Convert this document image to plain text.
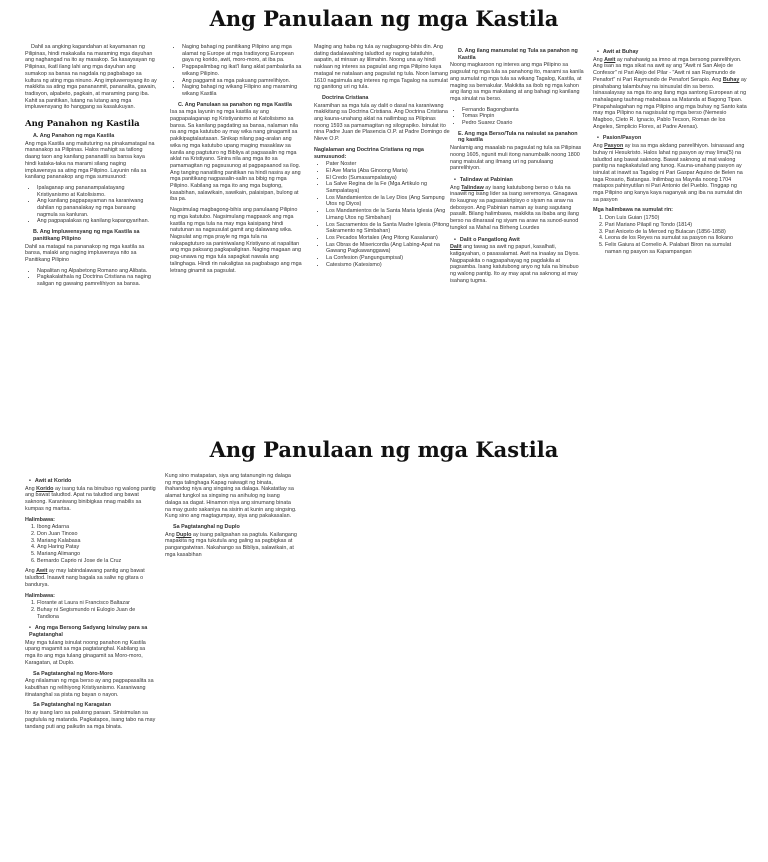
Ang Panulaan ng mga Kastila

Dahil sa angking kagandahan at kayamanan ng Pilipinas, hindi makakaila na maraming mga dayuhan ang naghangad na ito ay masakop. Sa kasaysayan ng Pilipinas, ikatl ilang lahi ang mga dayuhan ang sumakop sa bansa na nagdala ng pagbabago sa kultura ng ating mga ninuno. Ang impluwensyang ito ay makikita sa ating mga panananmit, pananalita, gawain, tradisyon, alpabeto, pagkain, at maraming pang iba. Kahit sa panitikan, lutang na lutang ang mga impluwensyang ito hanggang sa kasalukuyan.

Ang Panahon ng Kastila
A. Ang Panahon ng mga Kastila

Ang mga Kastila ang maituturing na pinakamatagal na mananakop sa Pilipinas. Halos mahigit sa tatlong daang taon ang kanilang pananatili sa bansa kaya hindi kataka-taka na marami silang naging impluwensya sa ating mga Pilipino. Layunin nila sa kanilang pananakop ang mga sumusunod:

• Ipalaganap ang pananampalatayang Kristiyanismo at Katolisismo.
• Ang kanilang pagpapayaman na karaniwang dahilan ng pananalakay ng mga bansang nagmula sa kanluran.
• Ang pagpapalakas ng kanilang kapangyarihan.
B. Ang Impluwensyang ng mga Kastila sa panitikang Pilipino

Dahil sa matagal na pananakop ng mga kastila sa bansa, malaki ang naging impluwensya nito sa Panitikang Pilipino

• Napalitan ng Alpabetong Romano ang Alibata.
• Pagkakalathala ng Doctrina Cristiana na naging saligan ng gawaing pamrelihiyon sa bansa.
• Naging bahagi ng panitikang Pilipino ang mga alamat ng Europe at mga tradisyong European gaya ng korido, awit, moro-moro, at iba pa.
• Pagpapalimbag ng ikat'l ilang aklat pambalarila sa wikang Pilipino.
• Ang paggamit sa mga pakuang pamrelihiyon.
• Naging bahagi ng wikang Filipino ang maraming wikang Kastila
C. Ang Panulaan sa panahon ng mga Kastila

Isa sa mga layunin ng mga kastila ay ang pagpapalaganap ng Kristiyanismo at Katolisismo sa bansa. Sa kanilang pagdating sa bansa, nalaman nila na ang mga katutubo ay may wika nang ginagamit sa pakikipagtalastasan. Sinikap nilang pag-aralan ang wika ng mga katutubo upang maging masaklaw sa kanila ang pagtuturo ng Bibliya at pagsasalin ng mga aklat na Kristiyano. Sinira nila ang mga ito sa pamamagitan ng pagsusunog at pagpapaanod sa ilog. Ang tanging nanatiling panitikan na hindi nasira ay ang mga panitikang nagpasalin-salin sa bibig ng mga Pilipino. Kabilang sa mga ito ang mga bugtong, kasabihan, salawikain, sawikain, palaisipan, bulong at iba pa.

Nagsimulag magbagong-bihis ang panulaang Pilipino ng mga katutubo. Nagsimulang magpasok ang mga kastila ng mga tula na may mga kaisipang hindi natutunan sa nagsusulat gamit ang dalawang wika. Nagsulat ang mga prayle ng mga tula na nakapagtuturo sa paniniwalang Kristiyano at napalitan ang mga paksang pagkapaligiran. Naging magaan ang pag-unawa ng mga tula sapagkat nawala ang talinghaga. Hindi rin nakaligtas sa pagbabago ang mga letrang ginamit sa pagsulat.

Maging ang haba ng tula ay nagbagong-bihis din. Ang dating dadalawahing taludtod ay naging tatatluhin, aapatin, at minsan ay lilimahin. Noong una ay hindi naklaan ng interes sa pagsulat ang mga Pilipino kaya matagal ne natalaan ang pagsulat ng tula. Noon lamang 1610 nagsimula ang interes ng mga Tagalog na sumulat ng ganitong uri ng tula.

Doctrina Cristiana

Karamihan sa mga tula ay dalit o dasal na karaniwang makikitang sa Doctrina Cristiana. Ang Doctrina Cristiana ang kauna-unahang aklat na nailimbag sa Pilipinas noong 1593 sa pamamagitan ng silograpiko. Isinulat ito nina Padre Juan de Plasencia O.P. at Padre Domingo de Nieve O.P.

Naglalaman ang Doctrina Cristiana ng mga sumusunod:
• Pater Noster
• El Ave Maria (Aba Ginoong Maria)
• El Credo (Sumasampalataya)
• La Salve Regina de la Fe (Mga Artikulo ng Sampalataya)
• Los Mandamientos de la Ley Dios (Ang Sampung Utos ng Diyos)
• Los Mandamientos de la Santa Maria Iglesia (Ang Limang Utos ng Simbahan)
• Los Sacramentos de la Santa Madre Iglesia (Pitong Sakramento ng Simbahan)
• Los Pecados Mortales (Ang Pitong Kasalanan)
• Las Obras de Misericordia (Ang Labing-Apat na Gawang Pagkawanggawa)
• La Confesion (Pangungumpisal)
• Catesismo (Katesismo)
D. Ang ilang manunulat ng Tula sa panahon ng Kastila

Noong magkaroon ng interes ang mga Pilipino sa pagsulat ng mga tula sa panahong ito, marami sa kanila ang sumulat ng mga tula sa wikang Tagalog, Kastila, at maging sa bernakular. Makikita sa ibob ng mga kahon ang ilang sa mga makatang at ang bahagi ng kanilang mga sinulat na berso.

• Fernando Bagongbanta
• Tomas Pinpin
• Pedro Suarez Osario
E. Ang mga Berso/Tula na naisulat sa panahon ng kastila

Nanlamig ang maaalab na pagsulat ng tula sa Pilipinas noong 1605, ngunit muli itong nanumbalik noong 1800 nang maisulat ang ilmang uri ng panulaang panrelihiyon.

• Talindaw at Pabinian

Ang Talindaw ay isang katutubong berso o tula na inaawit ng isang lider sa isang seremonya. Ginagawa ito kaugnay sa pagsasakripisyo o siyam na araw na debosyon. Ang Pabinian naman ay isang sagutang pasalit. Bilang halimbawa, makikita sa ibaba ang ilang berso na dinarasal ng siyam na araw na sunod-sunod tungkol sa Mahal na Birheng Lourdes

• Dalit o Pangatlong Awit

Dalit ang tawag sa awit ng papuri, kasalhati, katigayahan, o pasasalamat. Awit na inaalay sa Diyos. Nagpapakita o nagpapahayag ng pagdakila at pagsamba. Isang katutubong anyo ng tula na binubuo ng walong pantig. Ito ay may apat na saknong at may isahang tugma.

• Awit at Buhay

Ang Awit ay nahahawig sa imno at mga bersong panrelihiyon. Ang isan sa mga sikat na awit ay ang "Awit ni San Alejo de Confesor" ni Pari Alejo del Pilar - "Awit ni san Raymundo de Penafort" ni Pari Raymundo de Penafort Serapio. Ang Buhay ay pinahabang talambuhay na isinusulat din sa berso. Isinasalaysay sa mga ito ang ilang mga santong European at ng mahalagang tauhnag mababasa sa Matanda at Bagong Tipan. Pinapahalagahan ng mga Pilipino ang mga buhay ng Santo kata may mga Pilipino na nagsisulat ng mga berso (Nemesio Magboo, Cleto R. Ignacio, Pablo Tecson, Roman de los Angeles, Simplicio Flores, at Padre Arenas).

• Pasion/Pasyon

Ang Pasyon ay isa sa mga akdang panrelihiyon. Isinasaad ang buhay ni Hesukristo. Halos lahat ng pasyon ay may lima(5) na taludtod ang bawat saknong. Bawat saknong at mat walong pantig na nagkakatulad ang tunog. Kauna-unahang pasyon ay isinulat at inawit sa Tagalog ni Pari Gaspar Aquino de Belen na taga Rosario, Batangas. Inilimbag sa Maynila noong 1704 matapos pahinyutilan ni Pari Antonio del Pueblo. Tinggap ng mga Pilipino ang kanya kaya naganyak ang iba na sumulat din sa pasyon

Mga halimbawa na sumulat rin:
1. Don Luis Guian (1750)
2. Pari Mariano Pilapil ng Tondo (1814)
3. Pari Aniceto de la Merced ng Bulacan (1856-1858)
4. Leona de los Reyes na sumulat sa pasyon na Ilokano
5. Felix Gaiura at Cornelio A. Palabari Biron na sumulat naman ng pasyon sa Kapampangan
Ang Panulaan ng mga Kastila
• Awit at Korido

Ang Korido ay isang tula na binubuo ng walong pantig ang bawat taludtod. Apat na taludtod ang bawat saknong. Karaniwang binibigkas nnag mabilis sa kumpas ng martsa.

Halimbawa:
1. Ibong Adarna
2. Don Juan Tinoso
3. Mariang Kalabasa
4. Ang Haring Patay
5. Mariang Alimango
6. Bernardo Caprio ni Jose de la Cruz

Ang Awit ay may labindalawang pantig ang bawat taludtod. Inaawit nang bagala sa saliw ng gitara o bandurya.

Halimbawa:
1. Florante at Laura ni Francisco Baltazar
2. Buhay ni Segismundo ni Eulogio Juan de Tandiona
• Ang mga Bersong Sadyang Isinulay para sa Pagtatanghal

May mga tulang isinulat noong panahon ng Kastila upang magamit sa mga pagtatanghal. Kabilang sa mga ito ang mga tulang ginagamit sa Moro-moro, Karagatan, at Duplo.

Sa Pagtatanghal ng Moro-Moro

Ang nilalaman ng mga berso ay ang pagpapasalita sa kabutihan ng relihiyong Kristiyanismo. Karaniwang itinatanghal sa pista ng bayan o nayon.

Sa Pagtatanghal ng Karagatan

Ito ay isang laro sa paluisng paraan. Sinisimulan sa pagtulula ng matanda. Pagkatapos, isang tabo na may tandang puti ang paikutin sa mga binata.

Kung sino matapatan, siya ang tatanungin ng dalaga ng mga talinghaga Kapag naiwagit ng binata, ihahandog niya ang singsing sa dalaga. Nakatatlay sa alamat tungkol sa singsing na anihulog ng isang dalaga sa dagat. Hinamon niya ang sinumang binata na may gusto sakaniya na sisirin at kunin ang singsing. Kung sino ang magtagumpay, siya ang pakakasalan.

Sa Pagtatanghal ng Duplo

Ang Duplo ay isang paligsahan sa pagtula. Kailangang mapakita ng mga tukutula ang galing sa pagbigkas at pangangatwiran. Nakahango sa Bibliya, salawikain, at mga kasabihan
